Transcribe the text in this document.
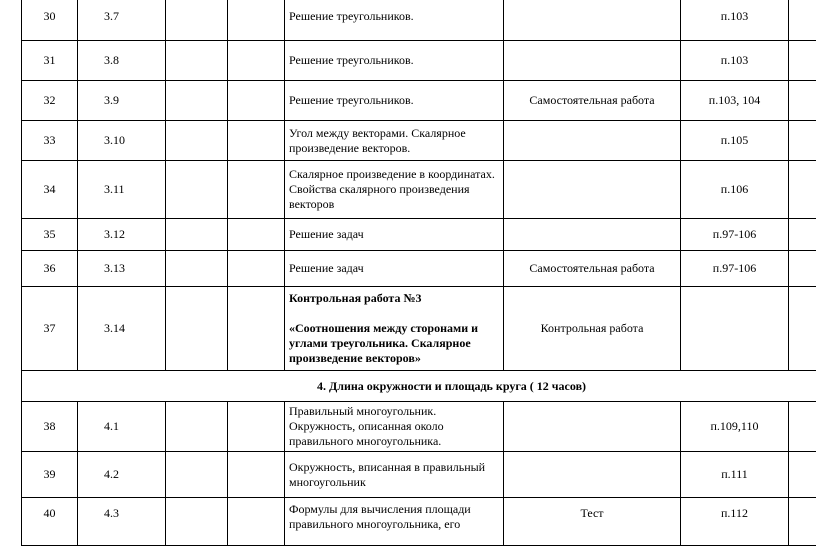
30	3.7			Решение треугольников.		п.103	
31	3.8			Решение треугольников.		п.103	
32	3.9			Решение треугольников.	Самостоятельная работа	п.103, 104	
33	3.10			Угол между векторами. Скалярное
произведение векторов.		п.105	
34	3.11			Скалярное произведение в координатах.
Свойства скалярного произведения
векторов		п.106	
35	3.12			Решение задач		п.97-106	
36	3.13			Решение задач	Самостоятельная работа	п.97-106	
37	3.14			Контрольная работа №3
«Соотношения между сторонами и
углами треугольника. Скалярное
произведение векторов»	Контрольная работа		
4. Длина окружности и площадь круга ( 12 часов)							
38	4.1			Правильный многоугольник.
Окружность, описанная около
правильного многоугольника.		п.109,110	
39	4.2			Окружность, вписанная в правильный
многоугольник		п.111	
40	4.3			Формулы для вычисления площади
правильного многоугольника, его	Тест	п.112	
